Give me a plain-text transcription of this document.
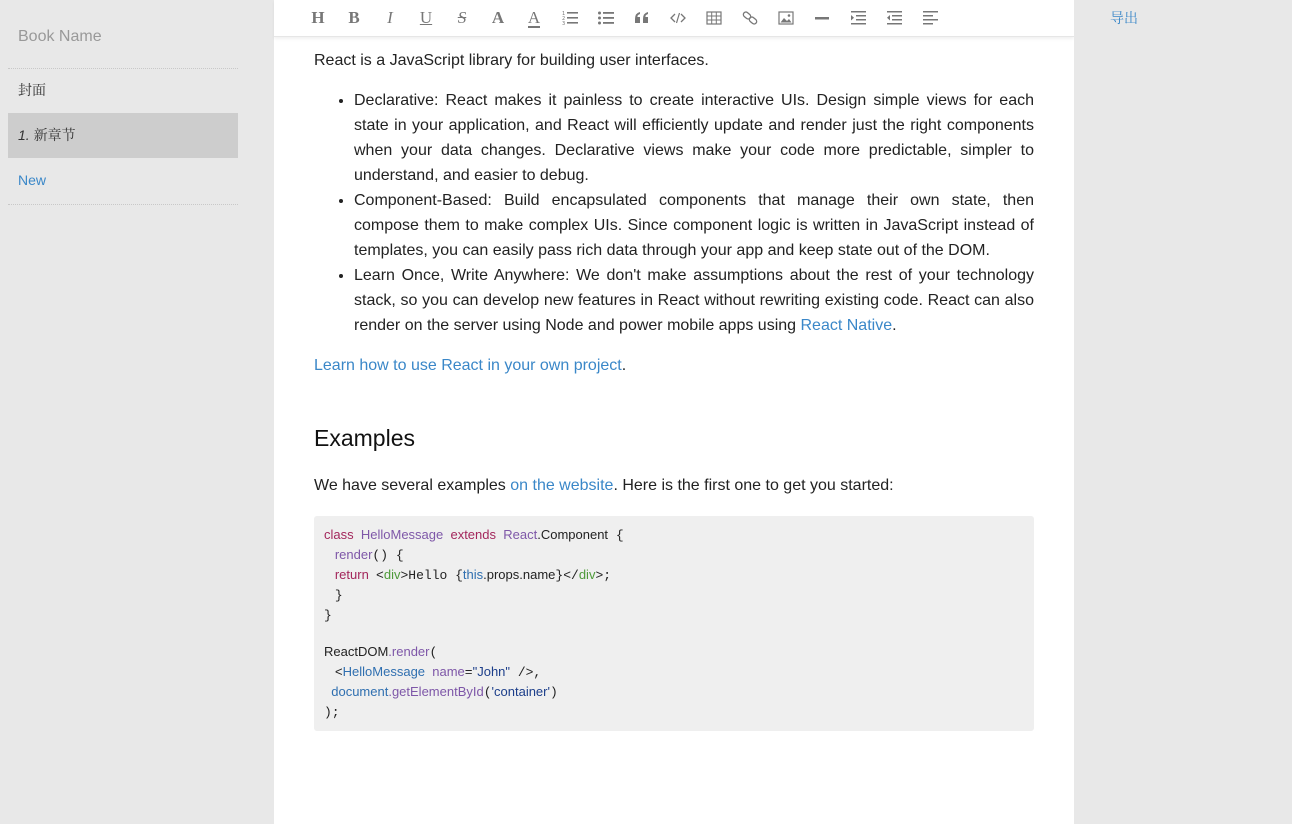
Book Name
封面
1. 新章节
New
H B I U S A A	1
2
3

React is a JavaScript library for building user interfaces.

• Declarative: React makes it painless to create interactive UIs. Design simple views for each state in your application, and React will efficiently update and render just the right components when your data changes. Declarative views make your code more predictable, simpler to understand, and easier to debug.
• Component-Based: Build encapsulated components that manage their own state, then compose them to make complex UIs. Since component logic is written in JavaScript instead of templates, you can easily pass rich data through your app and keep state out of the DOM.
• Learn Once, Write Anywhere: We don't make assumptions about the rest of your technology stack, so you can develop new features in React without rewriting existing code. React can also render on the server using Node and power mobile apps using React Native.

Learn how to use React in your own project.

Examples

We have several examples on the website. Here is the first one to get you started:

class HelloMessage extends React.Component {
render() {
return <div>Hello {this.props.name}</div>;
}
}
ReactDOM.render(
<HelloMessage name="John" />,
document.getElementById('container')
);
导出
